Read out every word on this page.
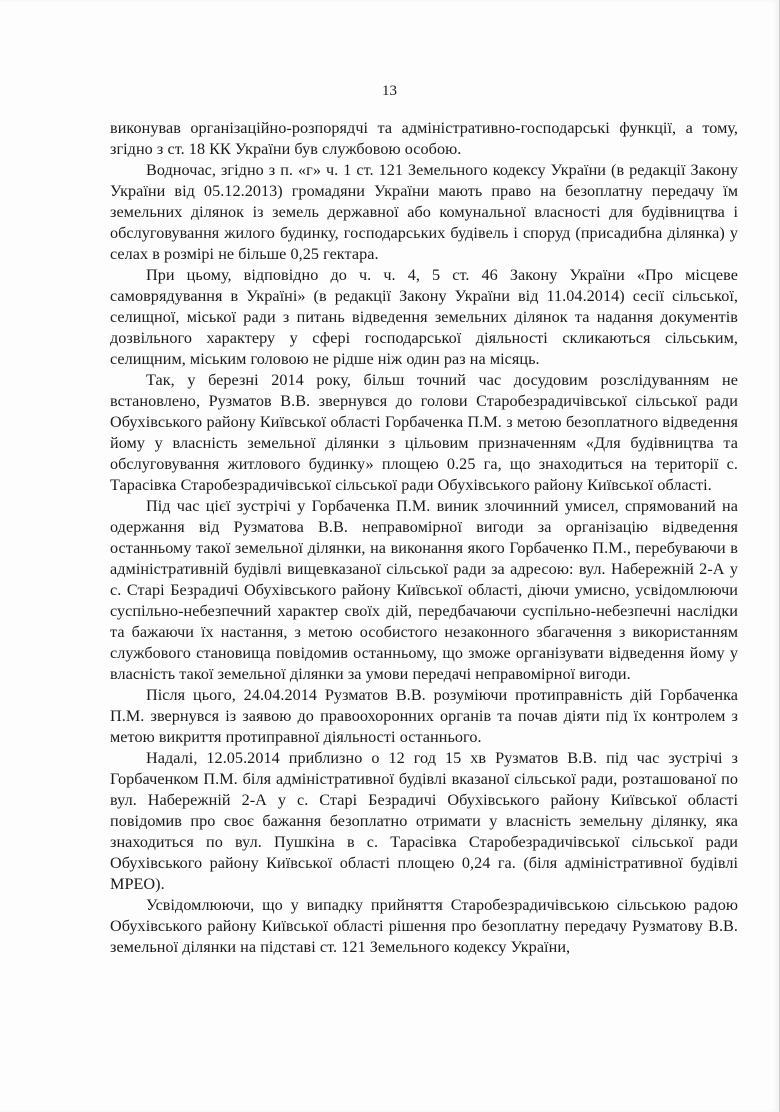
13

виконував організаційно-розпорядчі та адміністративно-господарські функції, а тому, згідно з ст. 18 КК України був службовою особою.

Водночас, згідно з п. «г» ч. 1 ст. 121 Земельного кодексу України (в редакції Закону України від 05.12.2013) громадяни України мають право на безоплатну передачу їм земельних ділянок із земель державної або комунальної власності для будівництва і обслуговування жилого будинку, господарських будівель і споруд (присадибна ділянка) у селах в розмірі не більше 0,25 гектара.

При цьому, відповідно до ч. ч. 4, 5 ст. 46 Закону України «Про місцеве самоврядування в Україні» (в редакції Закону України від 11.04.2014) сесії сільської, селищної, міської ради з питань відведення земельних ділянок та надання документів дозвільного характеру у сфері господарської діяльності скликаються сільським, селищним, міським головою не рідше ніж один раз на місяць.

Так, у березні 2014 року, більш точний час досудовим розслідуванням не встановлено, Рузматов В.В. звернувся до голови Старобезрадичівської сільської ради Обухівського району Київської області Горбаченка П.М. з метою безоплатного відведення йому у власність земельної ділянки з цільовим призначенням «Для будівництва та обслуговування житлового будинку» площею 0.25 га, що знаходиться на території с. Тарасівка Старобезрадичівської сільської ради Обухівського району Київської області.

Під час цієї зустрічі у Горбаченка П.М. виник злочинний умисел, спрямований на одержання від Рузматова В.В. неправомірної вигоди за організацію відведення останньому такої земельної ділянки, на виконання якого Горбаченко П.М., перебуваючи в адміністративній будівлі вищевказаної сільської ради за адресою: вул. Набережній 2-А у с. Старі Безрадичі Обухівського району Київської області, діючи умисно, усвідомлюючи суспільно-небезпечний характер своїх дій, передбачаючи суспільно-небезпечні наслідки та бажаючи їх настання, з метою особистого незаконного збагачення з використанням службового становища повідомив останньому, що зможе організувати відведення йому у власність такої земельної ділянки за умови передачі неправомірної вигоди.

Після цього, 24.04.2014 Рузматов В.В. розуміючи протиправність дій Горбаченка П.М. звернувся із заявою до правоохоронних органів та почав діяти під їх контролем з метою викриття протиправної діяльності останнього.

Надалі, 12.05.2014 приблизно о 12 год 15 хв Рузматов В.В. під час зустрічі з Горбаченком П.М. біля адміністративної будівлі вказаної сільської ради, розташованої по вул. Набережній 2-А у с. Старі Безрадичі Обухівського району Київської області повідомив про своє бажання безоплатно отримати у власність земельну ділянку, яка знаходиться по вул. Пушкіна в с. Тарасівка Старобезрадичівської сільської ради Обухівського району Київської області площею 0,24 га. (біля адміністративної будівлі МРЕО).

Усвідомлюючи, що у випадку прийняття Старобезрадичівською сільською радою Обухівського району Київської області рішення про безоплатну передачу Рузматову В.В. земельної ділянки на підставі ст. 121 Земельного кодексу України,
